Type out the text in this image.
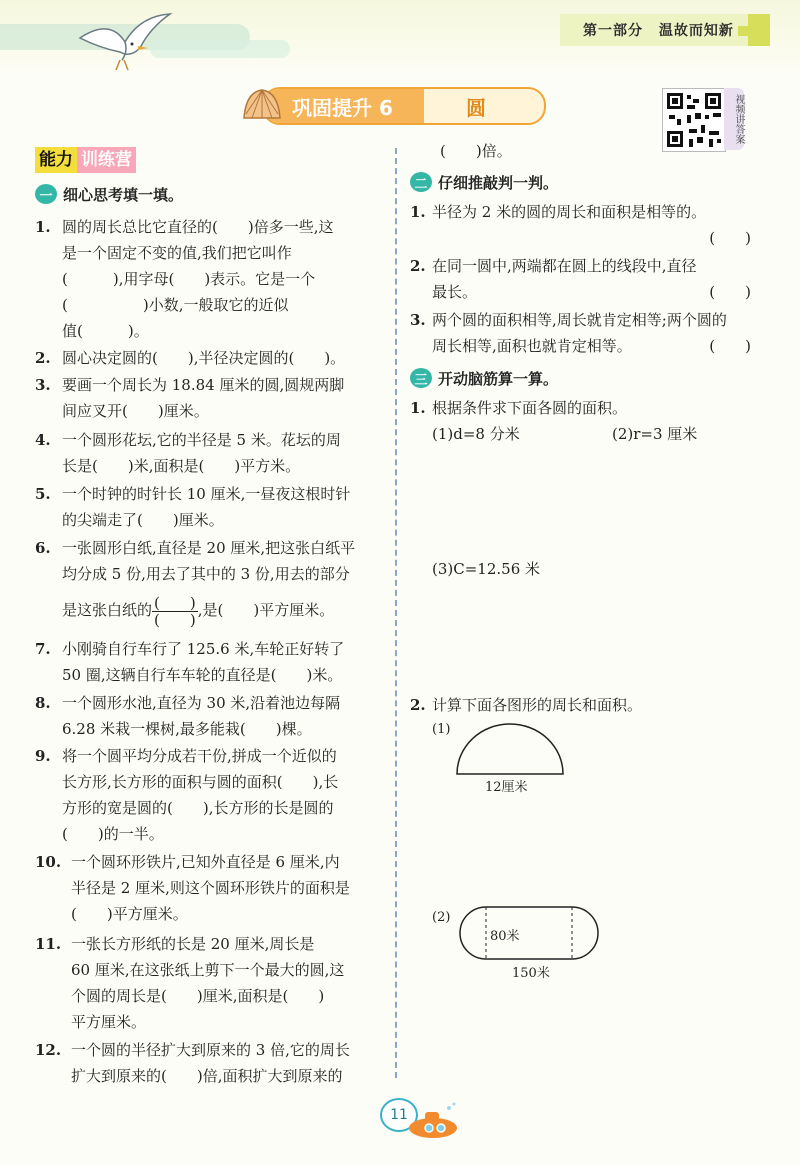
第一部分 温故而知新
巩固提升 6	圆	视频讲答案
能力 训练营
一 细心思考填一填。
1. 圆的周长总比它直径的(　　)倍多一些,这
是一个固定不变的值,我们把它叫作
(　　　),用字母(　　)表示。它是一个
(　　　　　)小数,一般取它的近似
值(　　　)。
2. 圆心决定圆的(　　),半径决定圆的(　　)。
3. 要画一个周长为 18.84 厘米的圆,圆规两脚
间应叉开(　　)厘米。
4. 一个圆形花坛,它的半径是 5 米。花坛的周
长是(　　)米,面积是(　　)平方米。
5. 一个时钟的时针长 10 厘米,一昼夜这根时针
的尖端走了(　　)厘米。
6. 一张圆形白纸,直径是 20 厘米,把这张白纸平
均分成 5 份,用去了其中的 3 份,用去的部分
是这张白纸的 $\frac{( )}{( )}$,是(　　)平方厘米。
7. 小刚骑自行车行了 125.6 米,车轮正好转了
50 圈,这辆自行车车轮的直径是(　　)米。
8. 一个圆形水池,直径为 30 米,沿着池边每隔
6.28 米栽一棵树,最多能栽(　　)棵。
9. 将一个圆平均分成若干份,拼成一个近似的
长方形,长方形的面积与圆的面积(　　),长
方形的宽是圆的(　　),长方形的长是圆的
(　　)的一半。
10. 一个圆环形铁片,已知外直径是 6 厘米,内
半径是 2 厘米,则这个圆环形铁片的面积是
(　　)平方厘米。
11. 一张长方形纸的长是 20 厘米,周长是
60 厘米,在这张纸上剪下一个最大的圆,这
个圆的周长是(　　)厘米,面积是(　　)
平方厘米。
12. 一个圆的半径扩大到原来的 3 倍,它的周长
扩大到原来的(　　)倍,面积扩大到原来的
(　　)倍。
二 仔细推敲判一判。
1. 半径为 2 米的圆的周长和面积是相等的。
(　　)
2. 在同一圆中,两端都在圆上的线段中,直径
最长。	(　　)
3. 两个圆的面积相等,周长就肯定相等;两个圆的
周长相等,面积也就肯定相等。	(　　)
三 开动脑筋算一算。
1. 根据条件求下面各圆的面积。
(1)d=8 分米	(2)r=3 厘米
(3)C=12.56 米
2. 计算下面各图形的周长和面积。
(1)
12厘米
(2)
80米
150米
11
